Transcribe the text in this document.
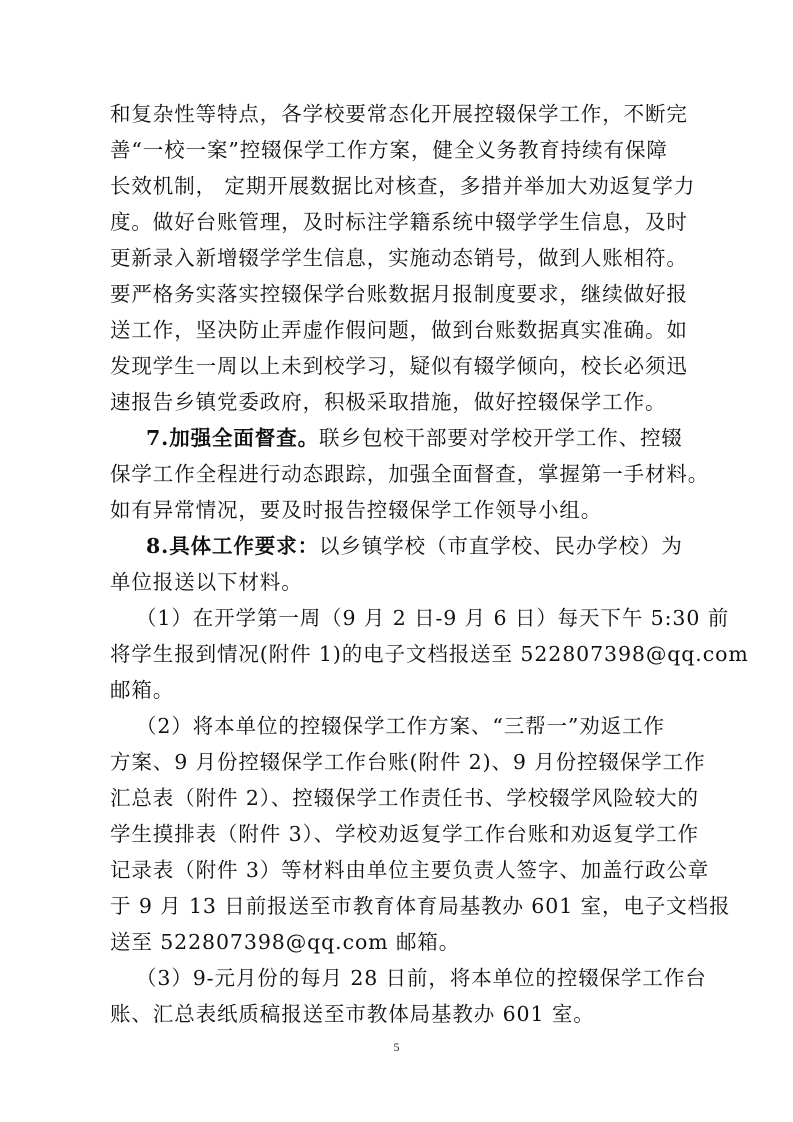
和复杂性等特点，各学校要常态化开展控辍保学工作，不断完
善“一校一案”控辍保学工作方案，健全义务教育持续有保障
长效机制， 定期开展数据比对核查，多措并举加大劝返复学力
度。做好台账管理，及时标注学籍系统中辍学学生信息，及时
更新录入新增辍学学生信息，实施动态销号，做到人账相符。
要严格务实落实控辍保学台账数据月报制度要求，继续做好报
送工作，坚决防止弄虚作假问题，做到台账数据真实准确。如
发现学生一周以上未到校学习，疑似有辍学倾向，校长必须迅
速报告乡镇党委政府，积极采取措施，做好控辍保学工作。
7.加强全面督查。联乡包校干部要对学校开学工作、控辍
保学工作全程进行动态跟踪，加强全面督查，掌握第一手材料。
如有异常情况，要及时报告控辍保学工作领导小组。
8.具体工作要求：以乡镇学校（市直学校、民办学校）为
单位报送以下材料。
（1）在开学第一周（9 月 2 日-9 月 6 日）每天下午 5:30 前
将学生报到情况(附件 1)的电子文档报送至 522807398@qq.com
邮箱。
（2）将本单位的控辍保学工作方案、“三帮一”劝返工作
方案、9 月份控辍保学工作台账(附件 2)、9 月份控辍保学工作
汇总表（附件 2）、控辍保学工作责任书、学校辍学风险较大的
学生摸排表（附件 3）、学校劝返复学工作台账和劝返复学工作
记录表（附件 3）等材料由单位主要负责人签字、加盖行政公章
于 9 月 13 日前报送至市教育体育局基教办 601 室，电子文档报
送至 522807398@qq.com 邮箱。
（3）9-元月份的每月 28 日前，将本单位的控辍保学工作台
账、汇总表纸质稿报送至市教体局基教办 601 室。
5
